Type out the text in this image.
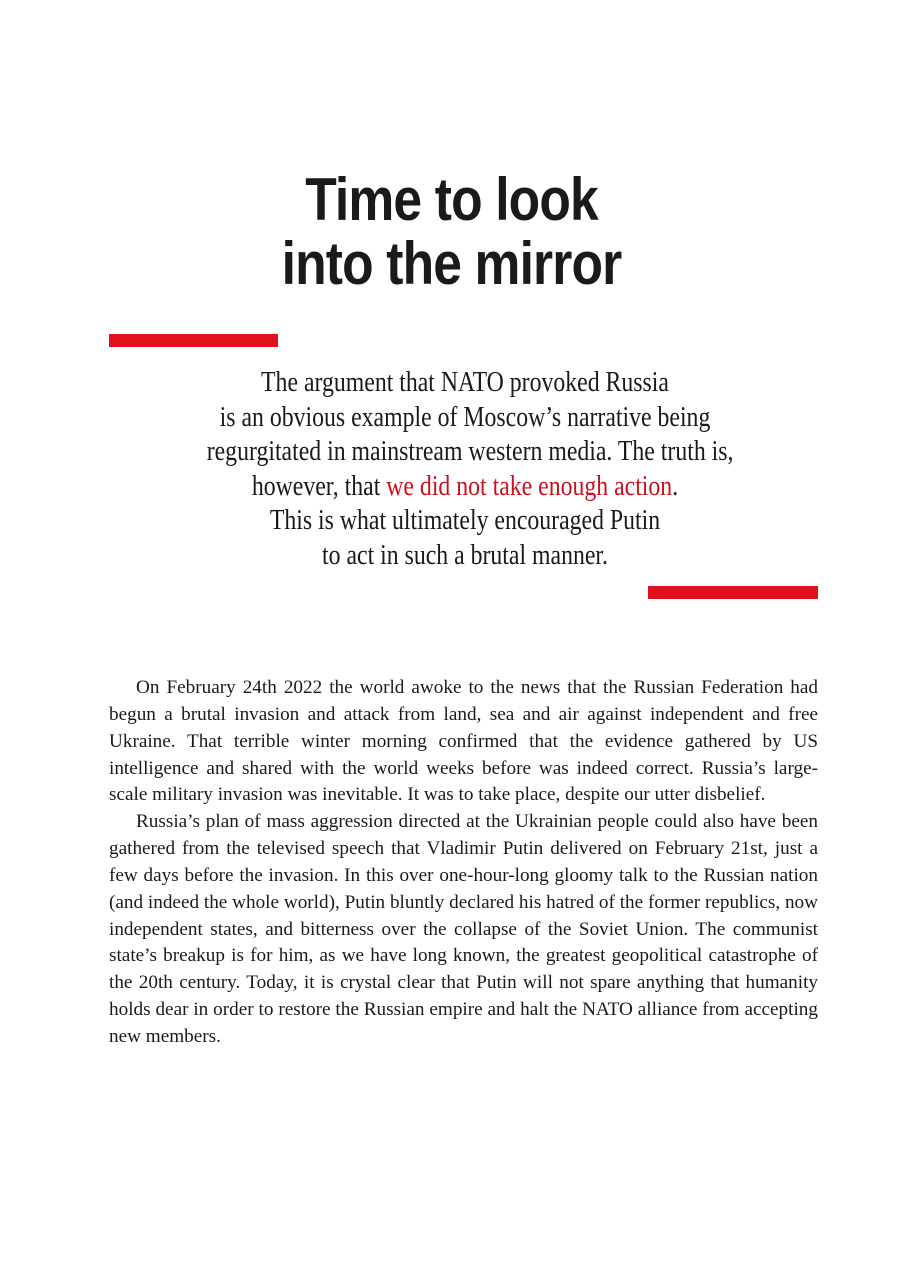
Time to look
into the mirror
The argument that NATO provoked Russia
is an obvious example of Moscow’s narrative being
regurgitated in mainstream western media. The truth is,
however, that we did not take enough action.
This is what ultimately encouraged Putin
to act in such a brutal manner.

On February 24th 2022 the world awoke to the news that the Russian Federation had begun a brutal invasion and attack from land, sea and air against independent and free Ukraine. That terrible winter morning confirmed that the evidence gathered by US intelligence and shared with the world weeks before was indeed correct. Russia’s large-scale military invasion was inevitable. It was to take place, despite our utter disbelief.

Russia’s plan of mass aggression directed at the Ukrainian people could also have been gathered from the televised speech that Vladimir Putin delivered on February 21st, just a few days before the invasion. In this over one-hour-long gloomy talk to the Russian nation (and indeed the whole world), Putin bluntly declared his hatred of the former republics, now independent states, and bitterness over the collapse of the Soviet Union. The communist state’s breakup is for him, as we have long known, the greatest geopolitical catastrophe of the 20th century. Today, it is crystal clear that Putin will not spare anything that humanity holds dear in order to restore the Russian empire and halt the NATO alliance from accepting new members.
